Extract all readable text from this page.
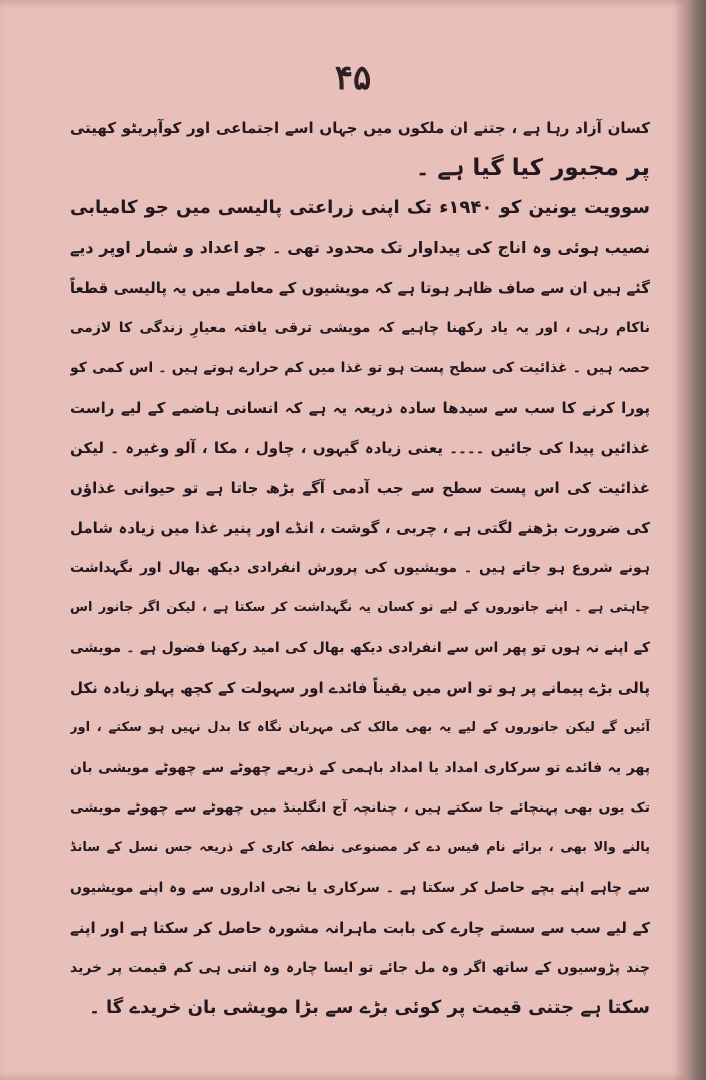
۴۵
کسان آزاد رہا ہے ، جتنے ان ملکوں میں جہاں اسے اجتماعی اور کوآپریٹو کھیتی
پر مجبور کیا گیا ہے ۔
سوویت یونین کو ۱۹۴۰ء تک اپنی زراعتی پالیسی میں جو کامیابی
نصیب ہوئی وہ اناج کی پیداوار تک محدود تھی ۔ جو اعداد و شمار اوپر دیے
گئے ہیں ان سے صاف ظاہر ہوتا ہے کہ مویشیوں کے معاملے میں یہ پالیسی قطعاً
ناکام رہی ، اور یہ یاد رکھنا چاہیے کہ مویشی ترقی یافتہ معیارِ زندگی کا لازمی
حصہ ہیں ۔ غذائیت کی سطح پست ہو تو غذا میں کم حرارے ہوتے ہیں ۔ اس کمی کو
پورا کرنے کا سب سے سیدھا سادہ ذریعہ یہ ہے کہ انسانی ہاضمے کے لیے راست
غذائیں پیدا کی جائیں ۔۔۔۔ یعنی زیادہ گیہوں ، چاول ، مکا ، آلو وغیرہ ۔ لیکن
غذائیت کی اس پست سطح سے جب آدمی آگے بڑھ جاتا ہے تو حیوانی غذاؤں
کی ضرورت بڑھنے لگتی ہے ، چربی ، گوشت ، انڈے اور پنیر غذا میں زیادہ شامل
ہونے شروع ہو جاتے ہیں ۔ مویشیوں کی پرورش انفرادی دیکھ بھال اور نگہداشت
چاہتی ہے ۔ اپنے جانوروں کے لیے تو کسان یہ نگہداشت کر سکتا ہے ، لیکن اگر جانور اس
کے اپنے نہ ہوں تو پھر اس سے انفرادی دیکھ بھال کی امید رکھنا فضول ہے ۔ مویشی
پالی بڑے پیمانے پر ہو تو اس میں یقیناً فائدے اور سہولت کے کچھ پہلو زیادہ نکل
آئیں گے لیکن جانوروں کے لیے یہ بھی مالک کی مہربان نگاہ کا بدل نہیں ہو سکتے ، اور
پھر یہ فائدے تو سرکاری امداد یا امداد باہمی کے ذریعے چھوٹے سے چھوٹے مویشی بان
تک یوں بھی پہنچائے جا سکتے ہیں ، چنانچہ آج انگلینڈ میں چھوٹے سے چھوٹے مویشی
پالنے والا بھی ، برائے نام فیس دے کر مصنوعی نطفہ کاری کے ذریعہ جس نسل کے سانڈ
سے چاہے اپنے بچے حاصل کر سکتا ہے ۔ سرکاری یا نجی اداروں سے وہ اپنے مویشیوں
کے لیے سب سے سستے چارے کی بابت ماہرانہ مشورہ حاصل کر سکتا ہے اور اپنے
چند پڑوسیوں کے ساتھ اگر وہ مل جائے تو ایسا چارہ وہ اتنی ہی کم قیمت پر خرید
سکتا ہے جتنی قیمت پر کوئی بڑے سے بڑا مویشی بان خریدے گا ۔
